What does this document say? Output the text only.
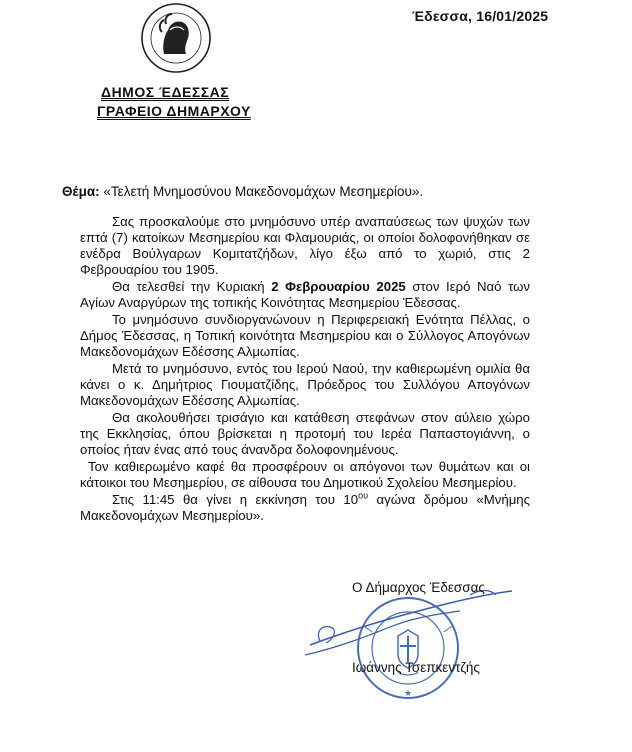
Έδεσσα, 16/01/2025
ΔΗΜΟΣ ΈΔΕΣΣΑΣ
ΓΡΑΦΕΙΟ ΔΗΜΑΡΧΟΥ
Θέμα: «Τελετή Μνημοσύνου Μακεδονομάχων Μεσημερίου».

Σας προσκαλούμε στο μνημόσυνο υπέρ αναπαύσεως των ψυχών των επτά (7) κατοίκων Μεσημερίου και Φλαμουριάς, οι οποίοι δολοφονήθηκαν σε ενέδρα Βούλγαρων Κομιτατζήδων, λίγο έξω από το χωριό, στις 2 Φεβρουαρίου του 1905.

Θα τελεσθεί την Κυριακή 2 Φεβρουαρίου 2025 στον Ιερό Ναό των Αγίων Αναργύρων της τοπικής Κοινότητας Μεσημερίου Έδεσσας.

Το μνημόσυνο συνδιοργανώνουν η Περιφερειακή Ενότητα Πέλλας, ο Δήμος Έδεσσας, η Τοπική κοινότητα Μεσημερίου και ο Σύλλογος Απογόνων Μακεδονομάχων Εδέσσης Αλμωπίας.

Μετά το μνημόσυνο, εντός του Ιερού Ναού, την καθιερωμένη ομιλία θα κάνει ο κ. Δημήτριος Γιουματζίδης, Πρόεδρος του Συλλόγου Απογόνων Μακεδονομάχων Εδέσσης Αλμωπίας.

Θα ακολουθήσει τρισάγιο και κατάθεση στεφάνων στον αύλειο χώρο της Εκκλησίας, όπου βρίσκεται η προτομή του Ιερέα Παπαστογιάννη, ο οποίος ήταν ένας από τους άνανδρα δολοφονημένους.

Τον καθιερωμένο καφέ θα προσφέρουν οι απόγονοι των θυμάτων και οι κάτοικοι του Μεσημερίου, σε αίθουσα του Δημοτικού Σχολείου Μεσημερίου.

Στις 11:45 θα γίνει η εκκίνηση του $10^{o\upsilon}$ αγώνα δρόμου «Μνήμης Μακεδονομάχων Μεσημερίου».

★
Ο Δήμαρχος Έδεσσας
Ιωάννης Τσεπκεντζής
